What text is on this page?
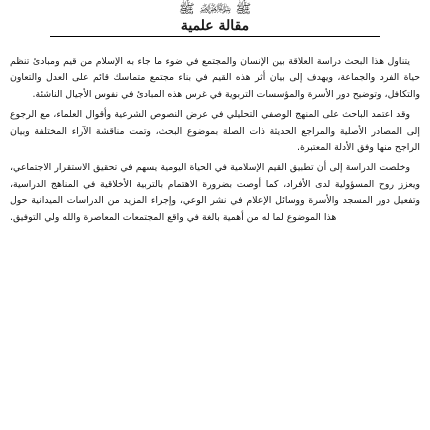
ﷺ ﷽ ﷺ
مقالة علمية

يتناول هذا البحث دراسة العلاقة بين الإنسان والمجتمع في ضوء ما جاء به الإسلام من قيم ومبادئ تنظم حياة الفرد والجماعة، ويهدف إلى بيان أثر هذه القيم في بناء مجتمع متماسك قائم على العدل والتعاون والتكافل، وتوضيح دور الأسرة والمؤسسات التربوية في غرس هذه المبادئ في نفوس الأجيال الناشئة.

وقد اعتمد الباحث على المنهج الوصفي التحليلي في عرض النصوص الشرعية وأقوال العلماء، مع الرجوع إلى المصادر الأصلية والمراجع الحديثة ذات الصلة بموضوع البحث، وتمت مناقشة الآراء المختلفة وبيان الراجح منها وفق الأدلة المعتبرة.

وخلصت الدراسة إلى أن تطبيق القيم الإسلامية في الحياة اليومية يسهم في تحقيق الاستقرار الاجتماعي، ويعزز روح المسؤولية لدى الأفراد، كما أوصت بضرورة الاهتمام بالتربية الأخلاقية في المناهج الدراسية، وتفعيل دور المسجد والأسرة ووسائل الإعلام في نشر الوعي، وإجراء المزيد من الدراسات الميدانية حول هذا الموضوع لما له من أهمية بالغة في واقع المجتمعات المعاصرة والله ولي التوفيق.
